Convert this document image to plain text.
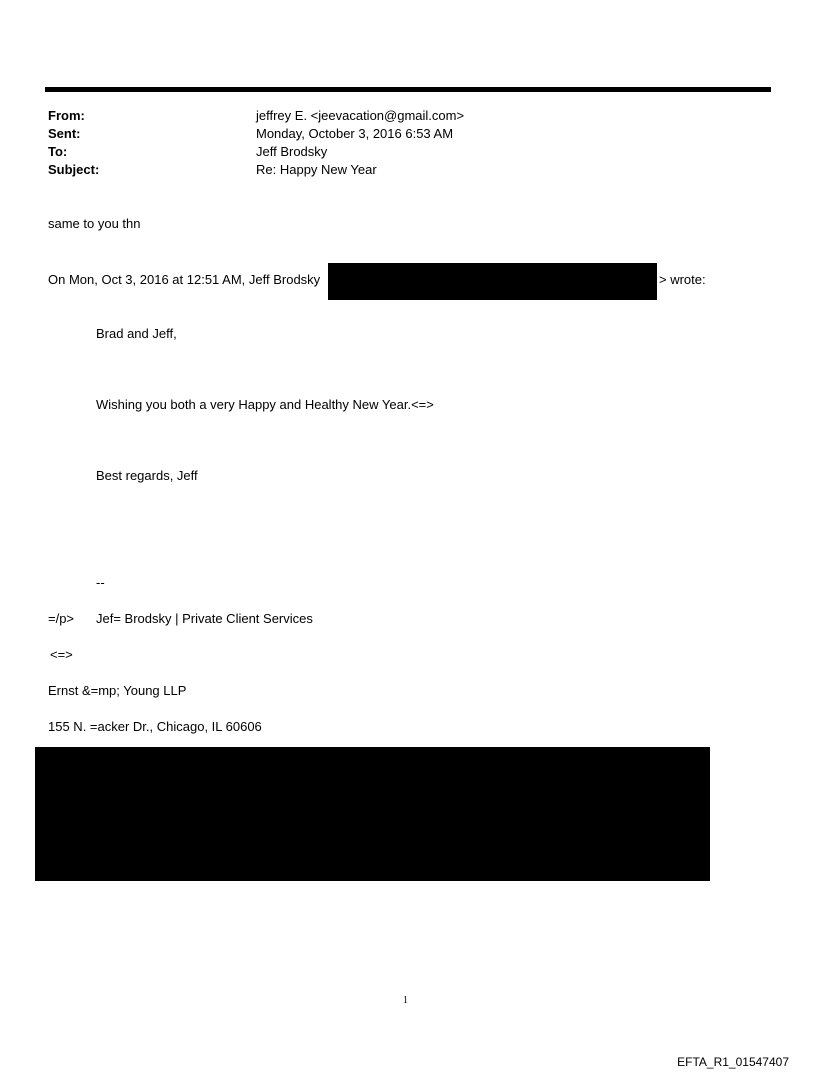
From:	jeffrey E. <jeevacation@gmail.com>
Sent:	Monday, October 3, 2016 6:53 AM
To:	Jeff Brodsky
Subject:	Re: Happy New Year
same to you thn
On Mon, Oct 3, 2016 at 12:51 AM, Jeff Brodsky	> wrote:
Brad and Jeff,
Wishing you both a very Happy and Healthy New Year.<=>
Best regards, Jeff
--
=/p> Jef= Brodsky | Private Client Services
<=>
Ernst &=mp; Young LLP
155 N. =acker Dr., Chicago, IL 60606
1
EFTA_R1_01547407
